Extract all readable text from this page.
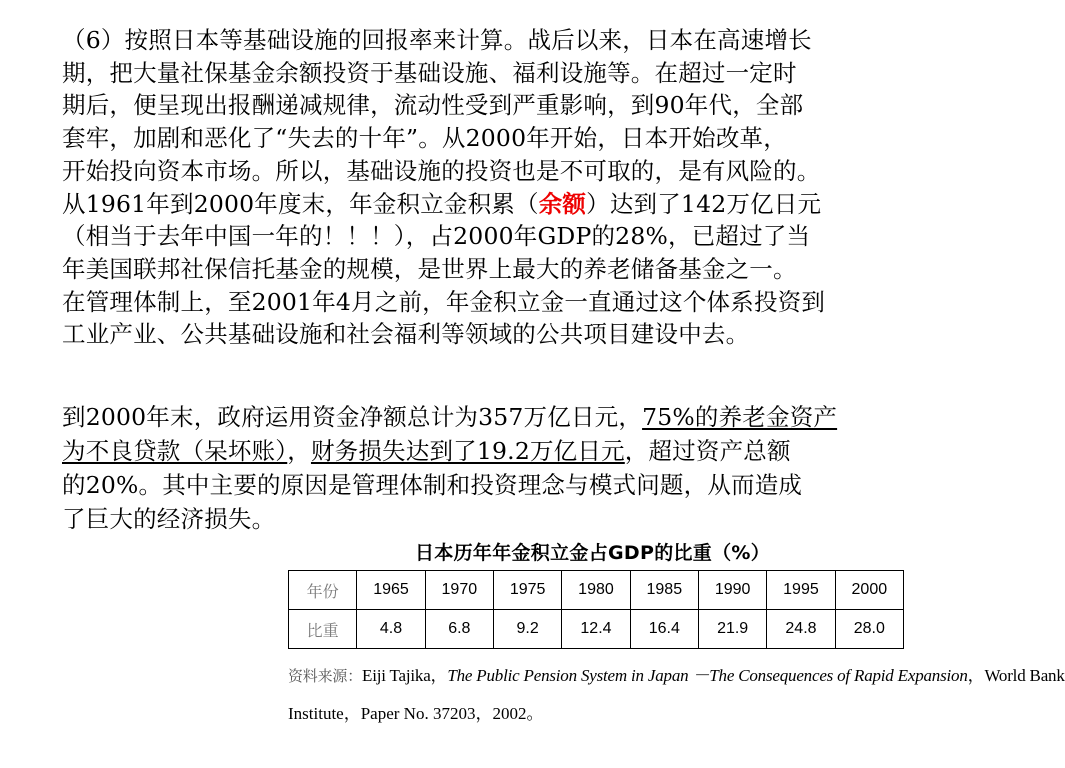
（6）按照日本等基础设施的回报率来计算。战后以来，日本在高速增长
期，把大量社保基金余额投资于基础设施、福利设施等。在超过一定时
期后，便呈现出报酬递减规律，流动性受到严重影响，到90年代，全部
套牢，加剧和恶化了“失去的十年”。从2000年开始，日本开始改革，
开始投向资本市场。所以，基础设施的投资也是不可取的，是有风险的。
从1961年到2000年度末，年金积立金积累（余额）达到了142万亿日元
（相当于去年中国一年的！！！），占2000年GDP的28%，已超过了当
年美国联邦社保信托基金的规模，是世界上最大的养老储备基金之一。
在管理体制上，至2001年4月之前，年金积立金一直通过这个体系投资到
工业产业、公共基础设施和社会福利等领域的公共项目建设中去。
到2000年末，政府运用资金净额总计为357万亿日元，75%的养老金资产
为不良贷款（呆坏账），财务损失达到了19.2万亿日元，超过资产总额
的20%。其中主要的原因是管理体制和投资理念与模式问题，从而造成
了巨大的经济损失。
日本历年年金积立金占GDP的比重（%）
年份	1965	1970	1975	1980	1985	1990	1995	2000
比重	4.8	6.8	9.2	12.4	16.4	21.9	24.8	28.0
资料来源：Eiji Tajika，The Public Pension System in Japan －The Consequences of Rapid Expansion，World Bank
Institute，Paper No. 37203，2002。
